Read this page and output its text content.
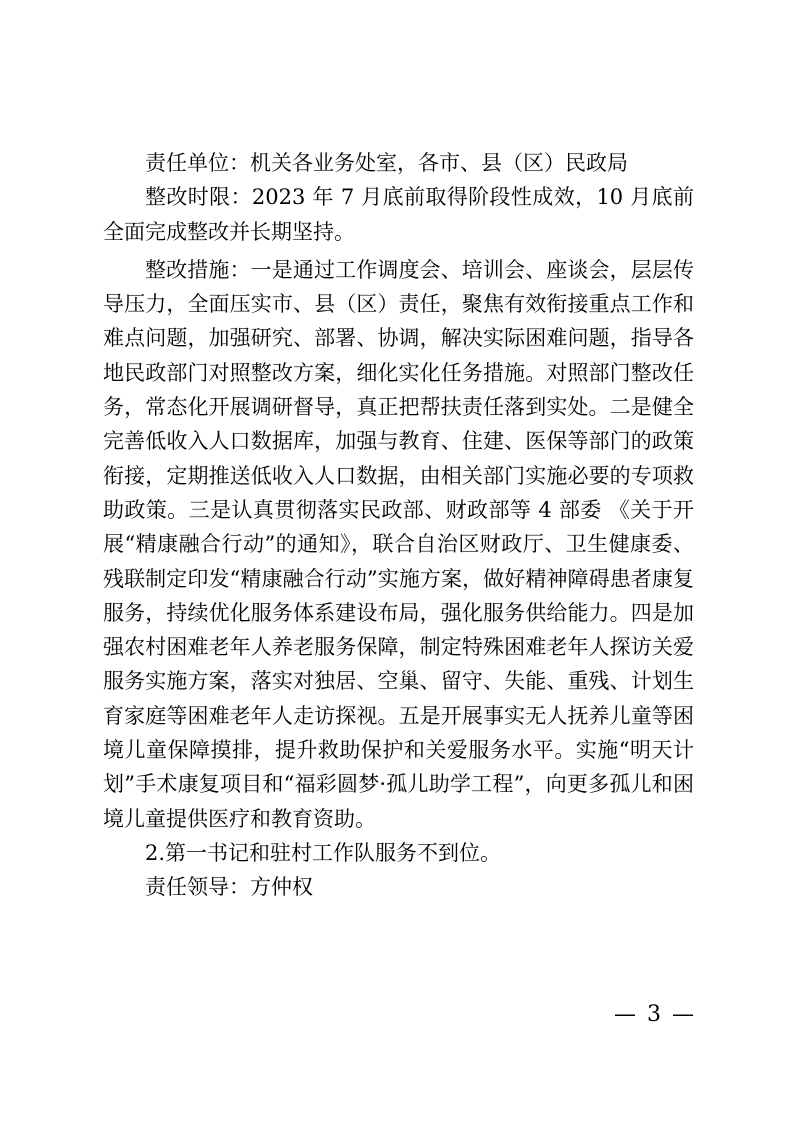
责任单位：机关各业务处室，各市、县（区）民政局

整改时限：2023 年 7 月底前取得阶段性成效，10 月底前全面完成整改并长期坚持。

整改措施：一是通过工作调度会、培训会、座谈会，层层传导压力，全面压实市、县（区）责任，聚焦有效衔接重点工作和难点问题，加强研究、部署、协调，解决实际困难问题，指导各地民政部门对照整改方案，细化实化任务措施。对照部门整改任务，常态化开展调研督导，真正把帮扶责任落到实处。二是健全完善低收入人口数据库，加强与教育、住建、医保等部门的政策衔接，定期推送低收入人口数据，由相关部门实施必要的专项救助政策。三是认真贯彻落实民政部、财政部等 4 部委 《关于开展“精康融合行动”的通知》，联合自治区财政厅、卫生健康委、残联制定印发“精康融合行动”实施方案，做好精神障碍患者康复服务，持续优化服务体系建设布局，强化服务供给能力。四是加强农村困难老年人养老服务保障，制定特殊困难老年人探访关爱服务实施方案，落实对独居、空巢、留守、失能、重残、计划生育家庭等困难老年人走访探视。五是开展事实无人抚养儿童等困境儿童保障摸排，提升救助保护和关爱服务水平。实施“明天计划”手术康复项目和“福彩圆梦·孤儿助学工程”，向更多孤儿和困境儿童提供医疗和教育资助。

2.第一书记和驻村工作队服务不到位。

责任领导：方仲权

— 3 —
